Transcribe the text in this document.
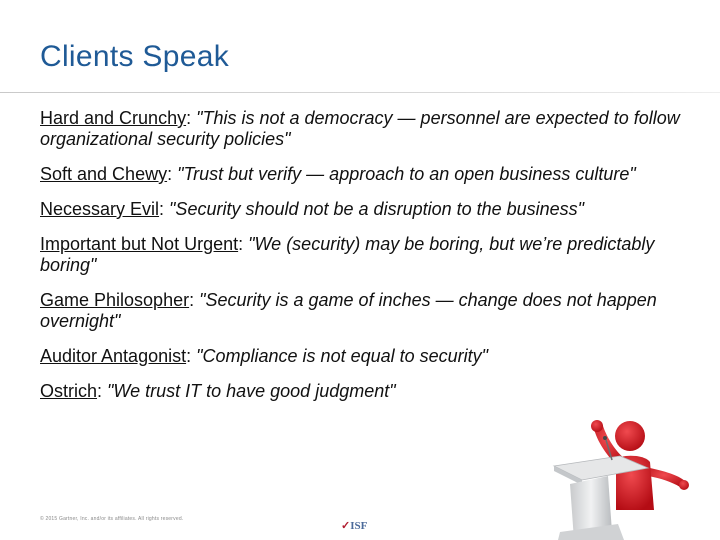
Clients Speak

Hard and Crunchy: "This is not a democracy — personnel are expected to follow organizational security policies"

Soft and Chewy: "Trust but verify — approach to an open business culture"

Necessary Evil: "Security should not be a disruption to the business"

Important but Not Urgent: "We (security) may be boring, but we’re predictably boring"

Game Philosopher: "Security is a game of inches — change does not happen overnight"

Auditor Antagonist: "Compliance is not equal to security"

Ostrich: "We trust IT to have good judgment"

© 2015 Gartner, Inc. and/or its affiliates. All rights reserved.
✓ISF
